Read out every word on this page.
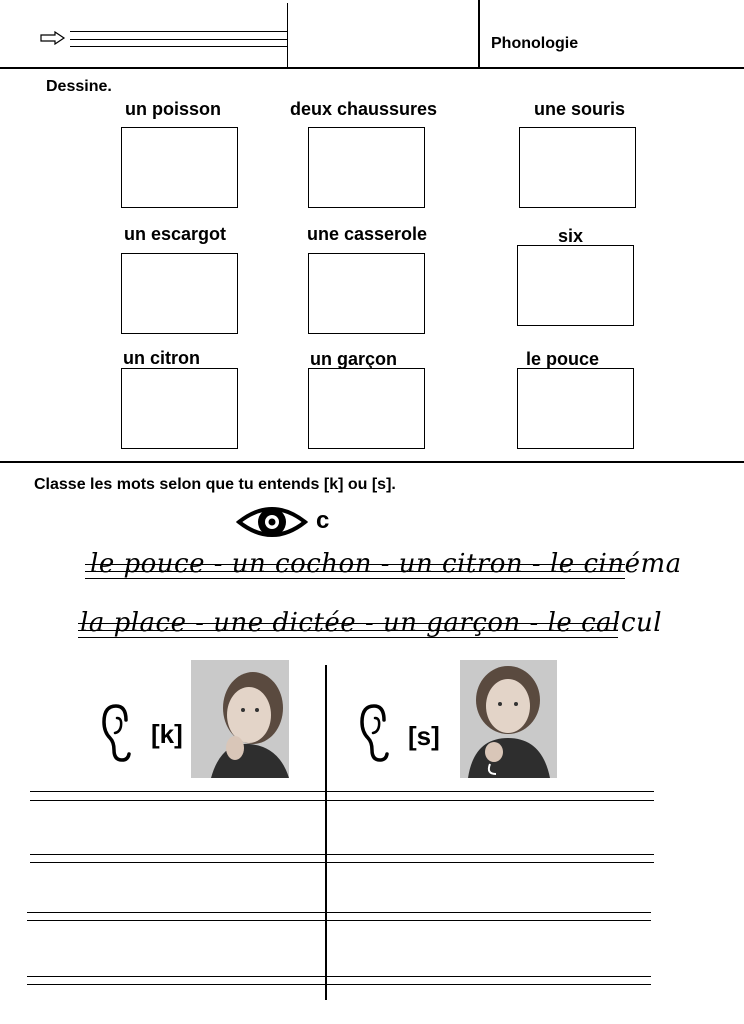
Phonologie
Dessine.
un poisson	deux chaussures	une souris
un escargot	une casserole	six
un citron	un garçon	le pouce
Classe les mots selon que tu entends [k] ou [s].
c
le pouce - un cochon - un citron - le cinéma
la place - une dictée - un garçon - le calcul
[k]	[s]
